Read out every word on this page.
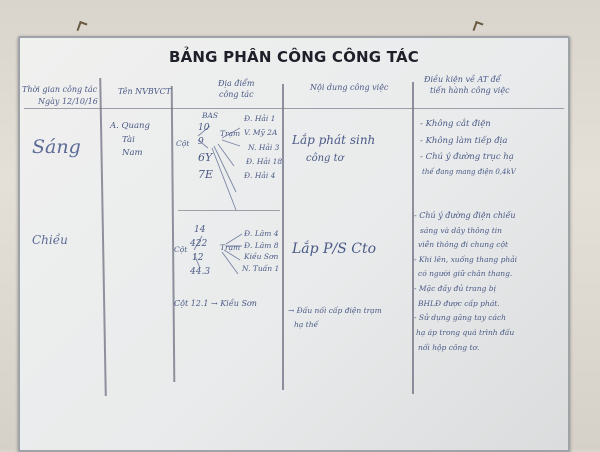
BẢNG PHÂN CÔNG CÔNG TÁC
Thời gian công tác
Ngày 12/10/16
Tên NVBVCT
Địa điểm
công tác
Nội dung công việc
Điều kiện về AT để
tiến hành công việc
Sáng
A. Quang
Tài
Nam
Cột
BAS
10
9
6Y
7E
Trạm
Đ. Hải 1
V. Mỹ 2A
N. Hải 3
Đ. Hải 18
Đ. Hải 4
Lắp phát sinh
công tơ
- Không cắt điện
- Không làm tiếp địa
- Chú ý đường trục hạ
thế đang mang điện 0,4kV
Chiều
Cột
14
422
12
44.3
Trạm
Đ. Lâm 4
Đ. Lâm 8
Kiều Sơn
N. Tuấn 1
Cột 12.1 → Kiều Sơn
Lắp P/S Cto
→ Đấu nối cấp điện trạm
hạ thế
- Chú ý đường điện chiếu
sáng và dây thông tin
viễn thông đi chung cột
- Khi lên, xuống thang phải
có người giữ chân thang.
- Mặc đầy đủ trang bị
BHLĐ được cấp phát.
- Sử dụng găng tay cách
hạ áp trong quá trình đấu
nối hộp công tơ.
